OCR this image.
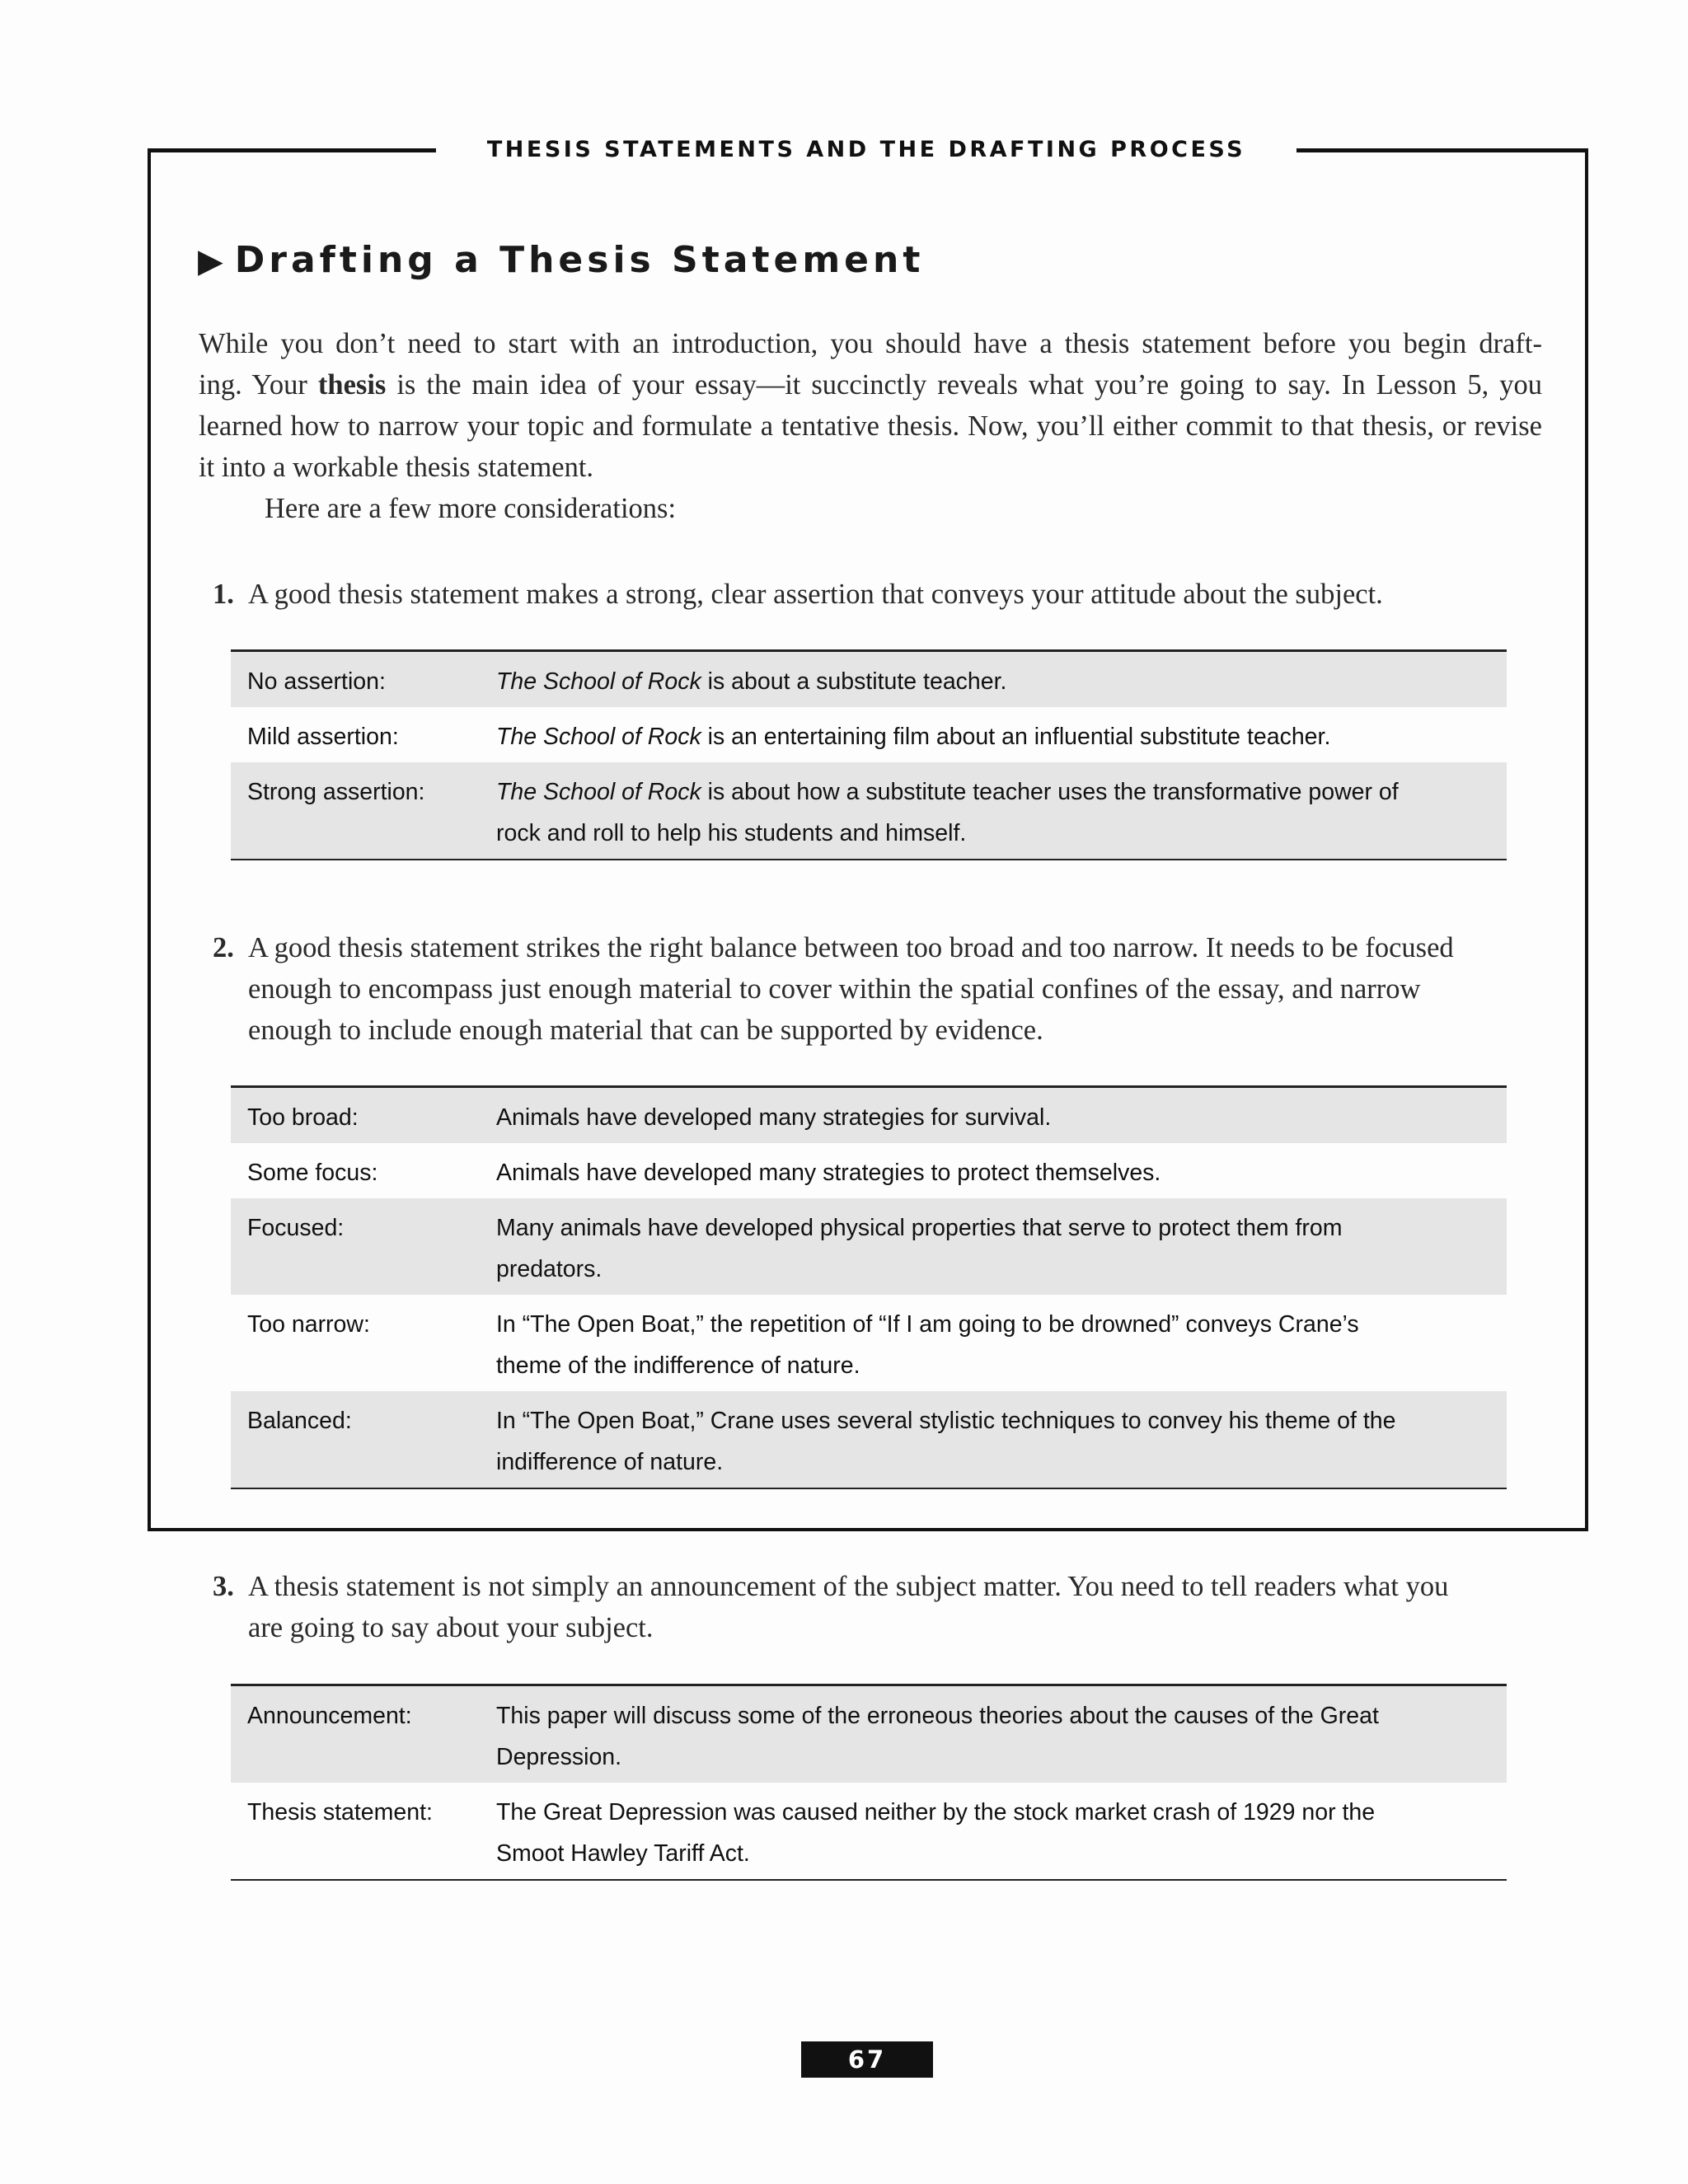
THESIS STATEMENTS AND THE DRAFTING PROCESS
▶ Drafting a Thesis Statement
While you don’t need to start with an introduction, you should have a thesis statement before you begin draft-
ing. Your thesis is the main idea of your essay—it succinctly reveals what you’re going to say. In Lesson 5, you
learned how to narrow your topic and formulate a tentative thesis. Now, you’ll either commit to that thesis, or revise
it into a workable thesis statement.
Here are a few more considerations:
1. A good thesis statement makes a strong, clear assertion that conveys your attitude about the subject.
No assertion:	The School of Rock is about a substitute teacher.
Mild assertion:	The School of Rock is an entertaining film about an influential substitute teacher.
Strong assertion:	The School of Rock is about how a substitute teacher uses the transformative power of
rock and roll to help his students and himself.
2. A good thesis statement strikes the right balance between too broad and too narrow. It needs to be focused
enough to encompass just enough material to cover within the spatial confines of the essay, and narrow
enough to include enough material that can be supported by evidence.
Too broad:	Animals have developed many strategies for survival.
Some focus:	Animals have developed many strategies to protect themselves.
Focused:	Many animals have developed physical properties that serve to protect them from
predators.
Too narrow:	In “The Open Boat,” the repetition of “If I am going to be drowned” conveys Crane’s
theme of the indifference of nature.
Balanced:	In “The Open Boat,” Crane uses several stylistic techniques to convey his theme of the
indifference of nature.
3. A thesis statement is not simply an announcement of the subject matter. You need to tell readers what you
are going to say about your subject.
Announcement:	This paper will discuss some of the erroneous theories about the causes of the Great
Depression.
Thesis statement:	The Great Depression was caused neither by the stock market crash of 1929 nor the
Smoot Hawley Tariff Act.
67
